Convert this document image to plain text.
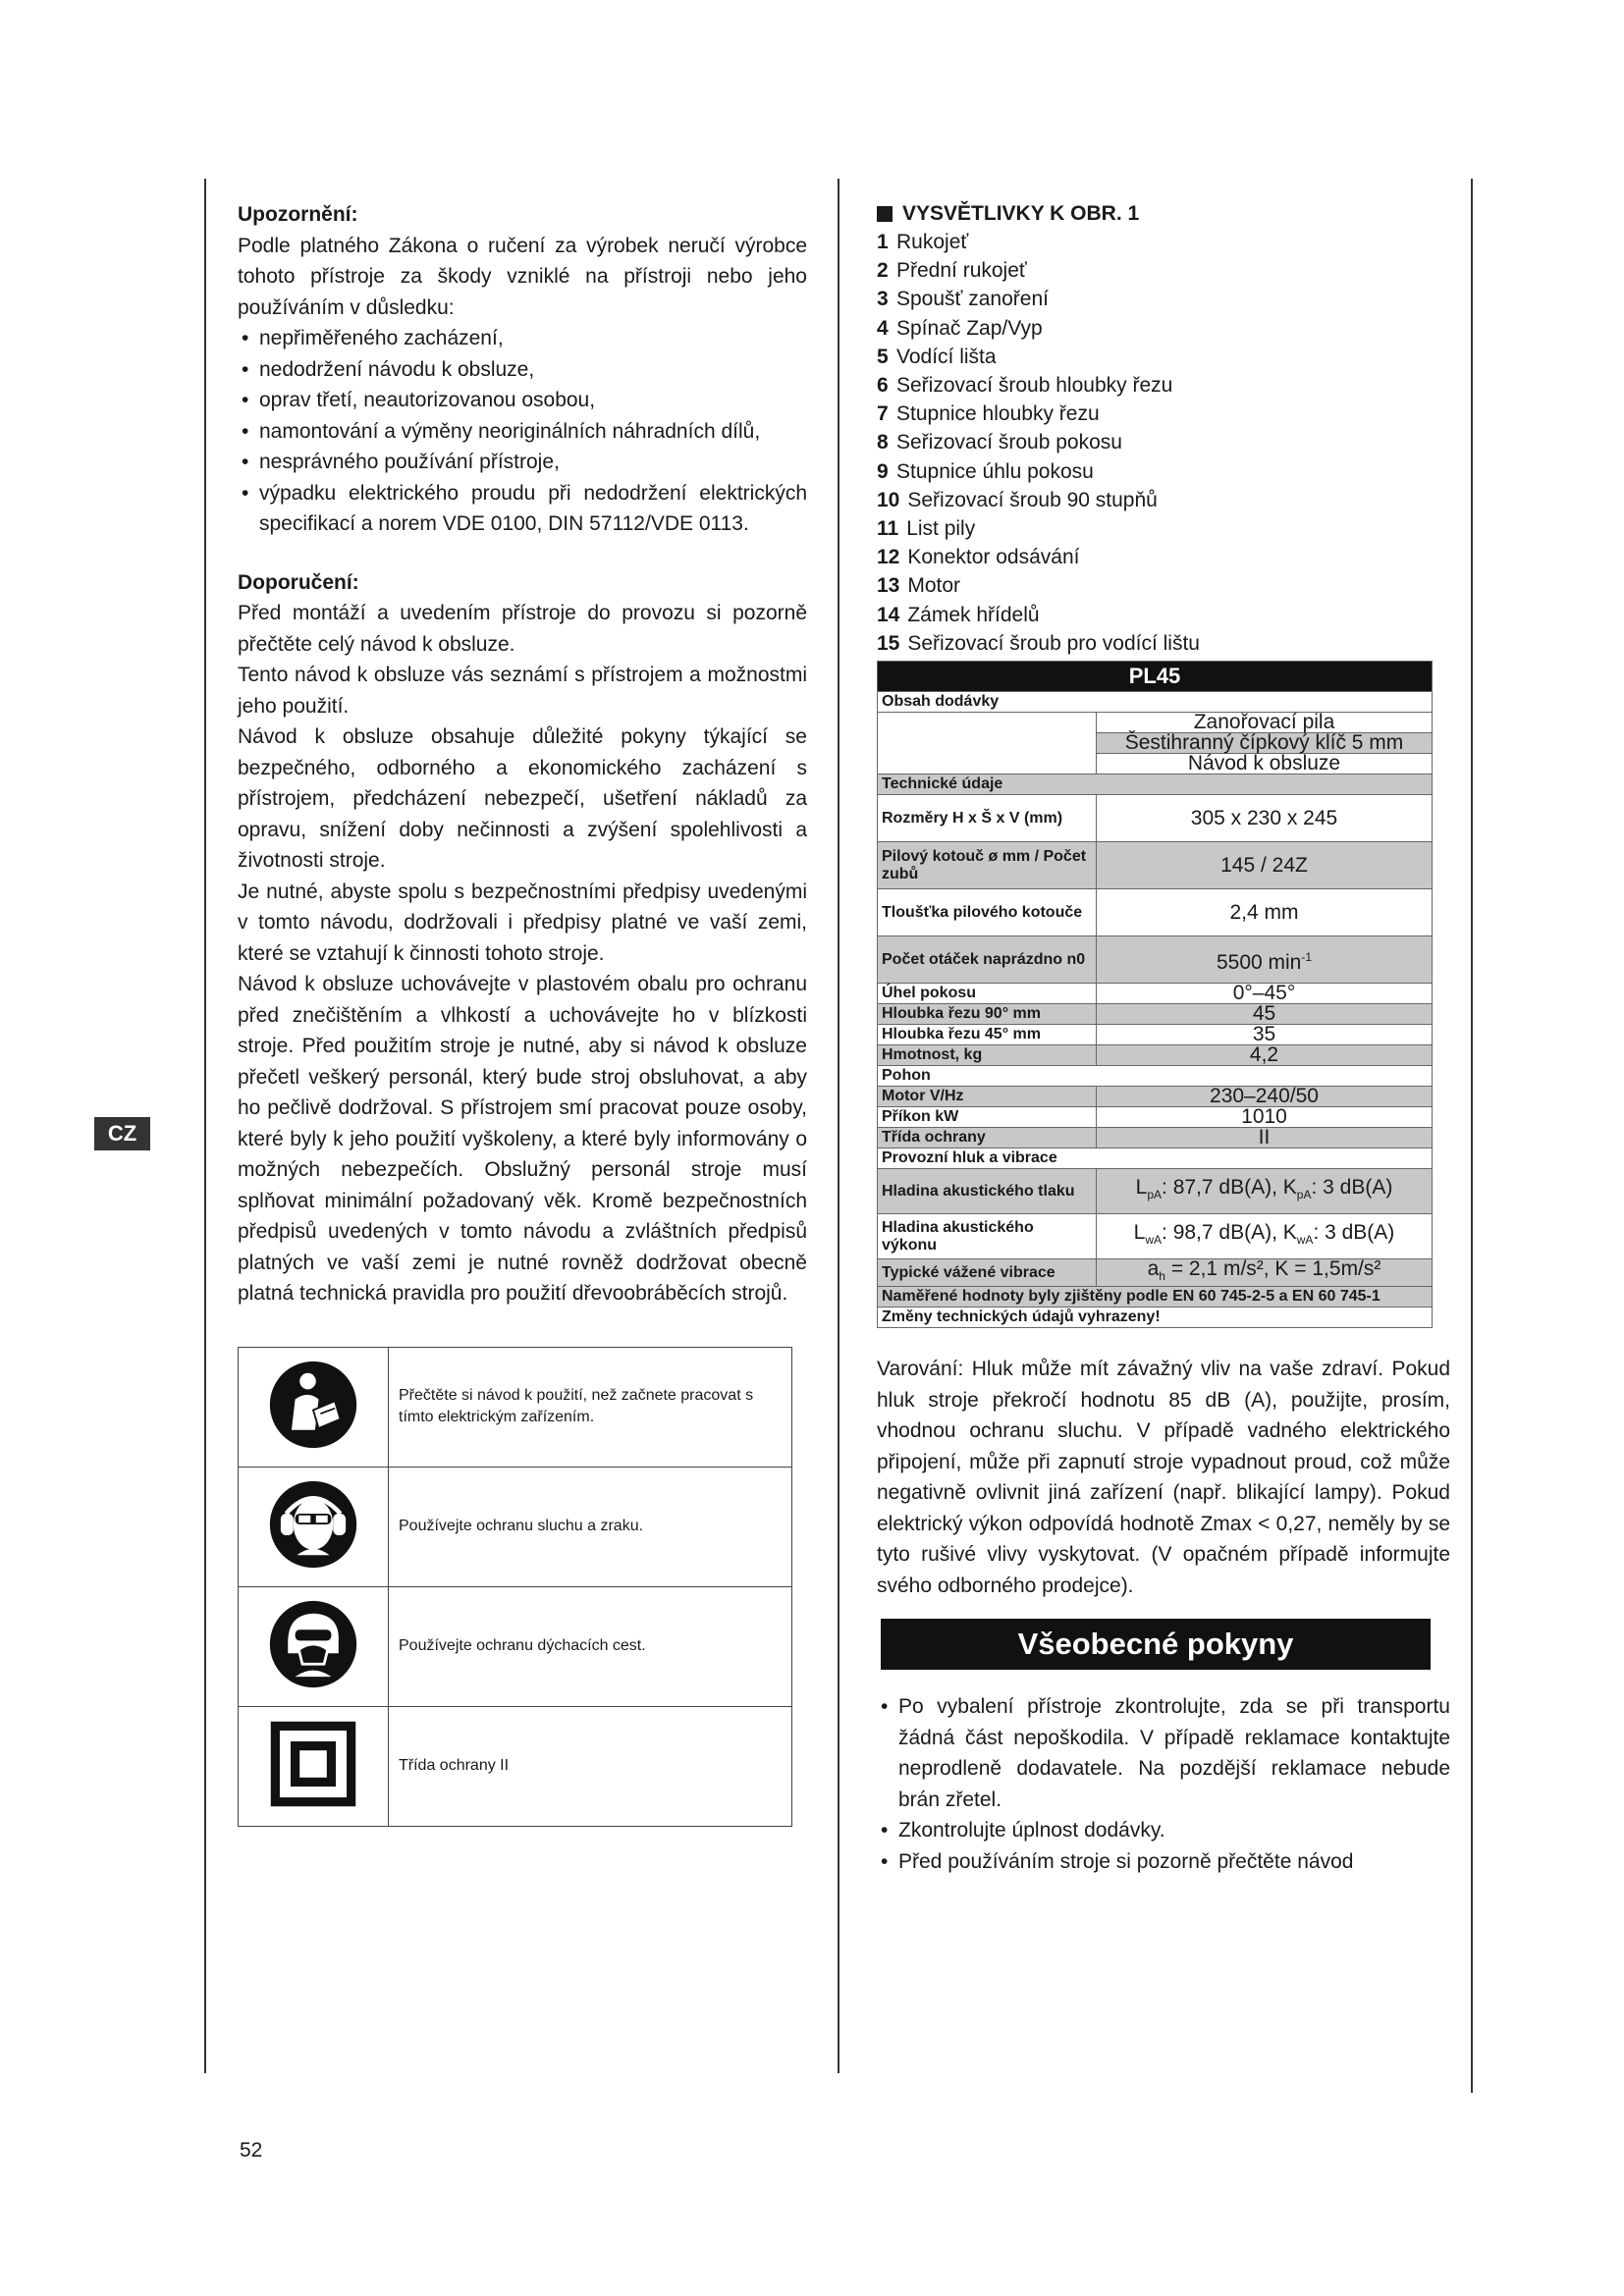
CZ
Upozornění:
Podle platného Zákona o ručení za výrobek neručí výrobce tohoto přístroje za škody vzniklé na přístroji nebo jeho používáním v důsledku:
• nepřiměřeného zacházení,
• nedodržení návodu k obsluze,
• oprav třetí, neautorizovanou osobou,
• namontování a výměny neoriginálních náhradních dílů,
• nesprávného používání přístroje,
• výpadku elektrického proudu při nedodržení elektrických specifikací a norem VDE 0100, DIN 57112/VDE 0113.
Doporučení:
Před montáží a uvedením přístroje do provozu si pozorně přečtěte celý návod k obsluze.
Tento návod k obsluze vás seznámí s přístrojem a možnostmi jeho použití.
Návod k obsluze obsahuje důležité pokyny týkající se bezpečného, odborného a ekonomického zacházení s přístrojem, předcházení nebezpečí, ušetření nákladů za opravu, snížení doby nečinnosti a zvýšení spolehlivosti a životnosti stroje.
Je nutné, abyste spolu s bezpečnostními předpisy uvedenými v tomto návodu, dodržovali i předpisy platné ve vaší zemi, které se vztahují k činnosti tohoto stroje.
Návod k obsluze uchovávejte v plastovém obalu pro ochranu před znečištěním a vlhkostí a uchovávejte ho v blízkosti stroje. Před použitím stroje je nutné, aby si návod k obsluze přečetl veškerý personál, který bude stroj obsluhovat, a aby ho pečlivě dodržoval. S přístrojem smí pracovat pouze osoby, které byly k jeho použití vyškoleny, a které byly informovány o možných nebezpečích. Obslužný personál stroje musí splňovat minimální požadovaný věk. Kromě bezpečnostních předpisů uvedených v tomto návodu a zvláštních předpisů platných ve vaší zemi je nutné rovněž dodržovat obecně platná technická pravidla pro použití dřevoobráběcích strojů.
	Přečtěte si návod k použití, než začnete pracovat s tímto elektrickým zařízením.
	Používejte ochranu sluchu a zraku.
	Používejte ochranu dýchacích cest.
	Třída ochrany II
VYSVĚTLIVKY K OBR. 1
1 Rukojeť
2 Přední rukojeť
3 Spoušť zanoření
4 Spínač Zap/Vyp
5 Vodící lišta
6 Seřizovací šroub hloubky řezu
7 Stupnice hloubky řezu
8 Seřizovací šroub pokosu
9 Stupnice úhlu pokosu
10 Seřizovací šroub 90 stupňů
11 List pily
12 Konektor odsávání
13 Motor
14 Zámek hřídelů
15 Seřizovací šroub pro vodící lištu
PL45	
Obsah dodávky	
	Zanořovací pila
	Šestihranný čípkový klíč 5 mm
	Návod k obsluze
Technické údaje	
Rozměry H x Š x V (mm)	305 x 230 x 245
Pilový kotouč ø mm / Počet zubů	145 / 24Z
Tloušťka pilového kotouče	2,4 mm
Počet otáček naprázdno n0	5500 $\min^{-1}$
Úhel pokosu	0°–45°
Hloubka řezu 90° mm	45
Hloubka řezu 45° mm	35
Hmotnost, kg	4,2
Pohon	
Motor V/Hz	230–240/50
Příkon kW	1010
Třída ochrany	II
Provozní hluk a vibrace	
Hladina akustického tlaku	$L_{pA}$: 87,7 dB(A), $K_{pA}$: 3 dB(A)
Hladina akustického výkonu	$L_{wA}$: 98,7 dB(A), $K_{wA}$: 3 dB(A)
Typické vážené vibrace	$a_h = 2,1$ m/s², K = 1,5m/s²
Naměřené hodnoty byly zjištěny podle EN 60 745-2-5 a EN 60 745-1	
Změny technických údajů vyhrazeny!	
Varování: Hluk může mít závažný vliv na vaše zdraví. Pokud hluk stroje překročí hodnotu 85 dB (A), použijte, prosím, vhodnou ochranu sluchu. V případě vadného elektrického připojení, může při zapnutí stroje vypadnout proud, což může negativně ovlivnit jiná zařízení (např. blikající lampy). Pokud elektrický výkon odpovídá hodnotě Zmax < 0,27, neměly by se tyto rušivé vlivy vyskytovat. (V opačném případě informujte svého odborného prodejce).
Všeobecné pokyny
• Po vybalení přístroje zkontrolujte, zda se při transportu žádná část nepoškodila. V případě reklamace kontaktujte neprodleně dodavatele. Na pozdější reklamace nebude brán zřetel.
• Zkontrolujte úplnost dodávky.
• Před používáním stroje si pozorně přečtěte návod
52
